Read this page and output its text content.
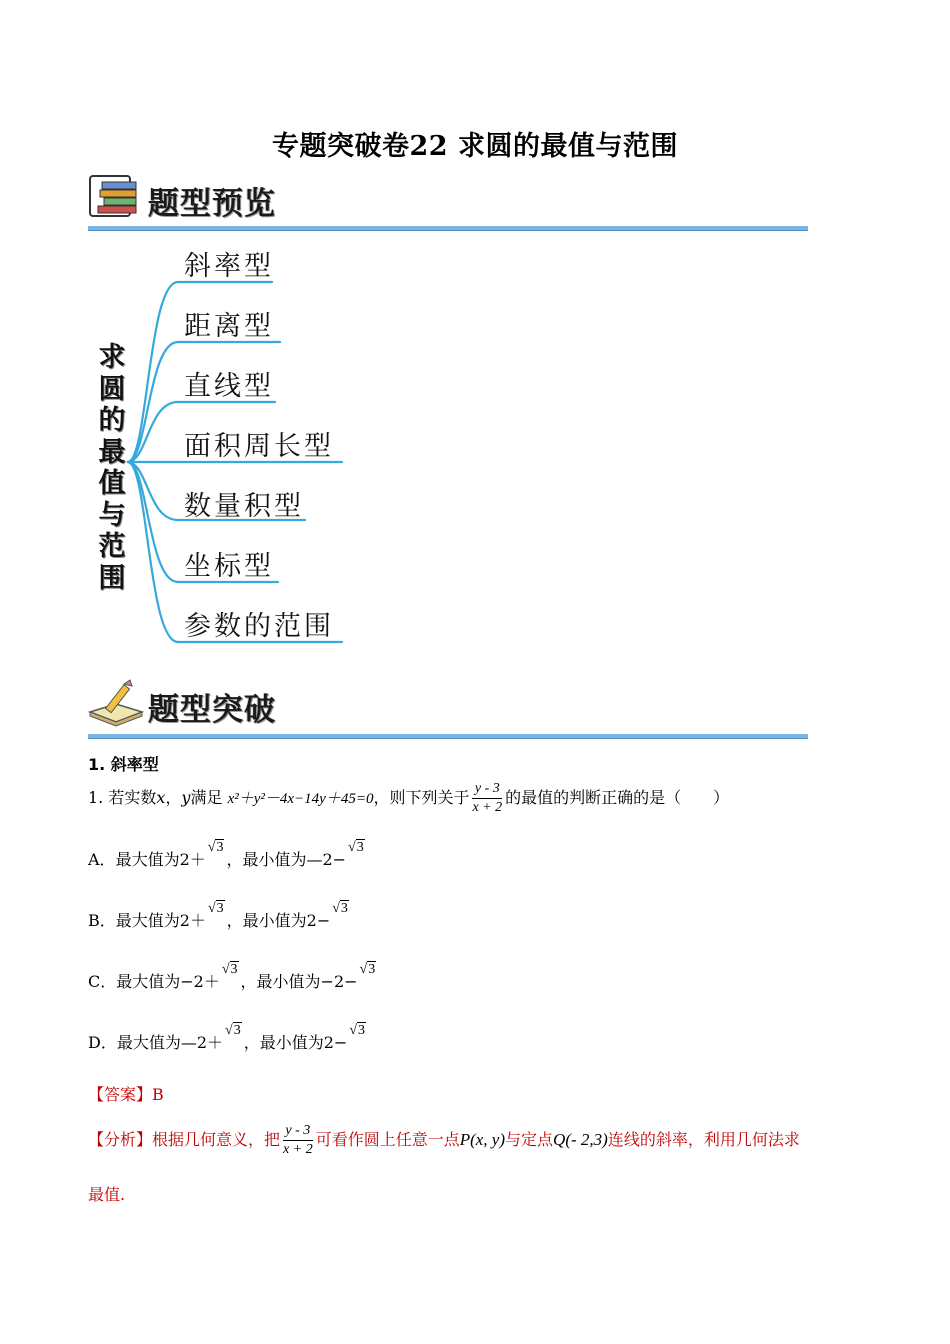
专题突破卷22 求圆的最值与范围
题型预览
求
圆
的
最
值
与
范
围
斜率型
距离型
直线型
面积周长型
数量积型
坐标型
参数的范围
题型突破
1. 斜率型
1. 若实数x，y满足 x²＋y²－4x−14y＋45=0，则下列关于 $\frac{y - 3}{x + 2}$ 的最值的判断正确的是（　　）
A．最大值为2＋√3，最小值为—2−√3
B．最大值为2＋√3，最小值为2−√3
C．最大值为−2＋√3，最小值为−2−√3
D．最大值为—2＋√3，最小值为2−√3
【答案】B
【分析】根据几何意义，把 $\frac{y - 3}{x + 2}$ 可看作圆上任意一点P(x, y)与定点Q(- 2,3)连线的斜率，利用几何法求
最值.
